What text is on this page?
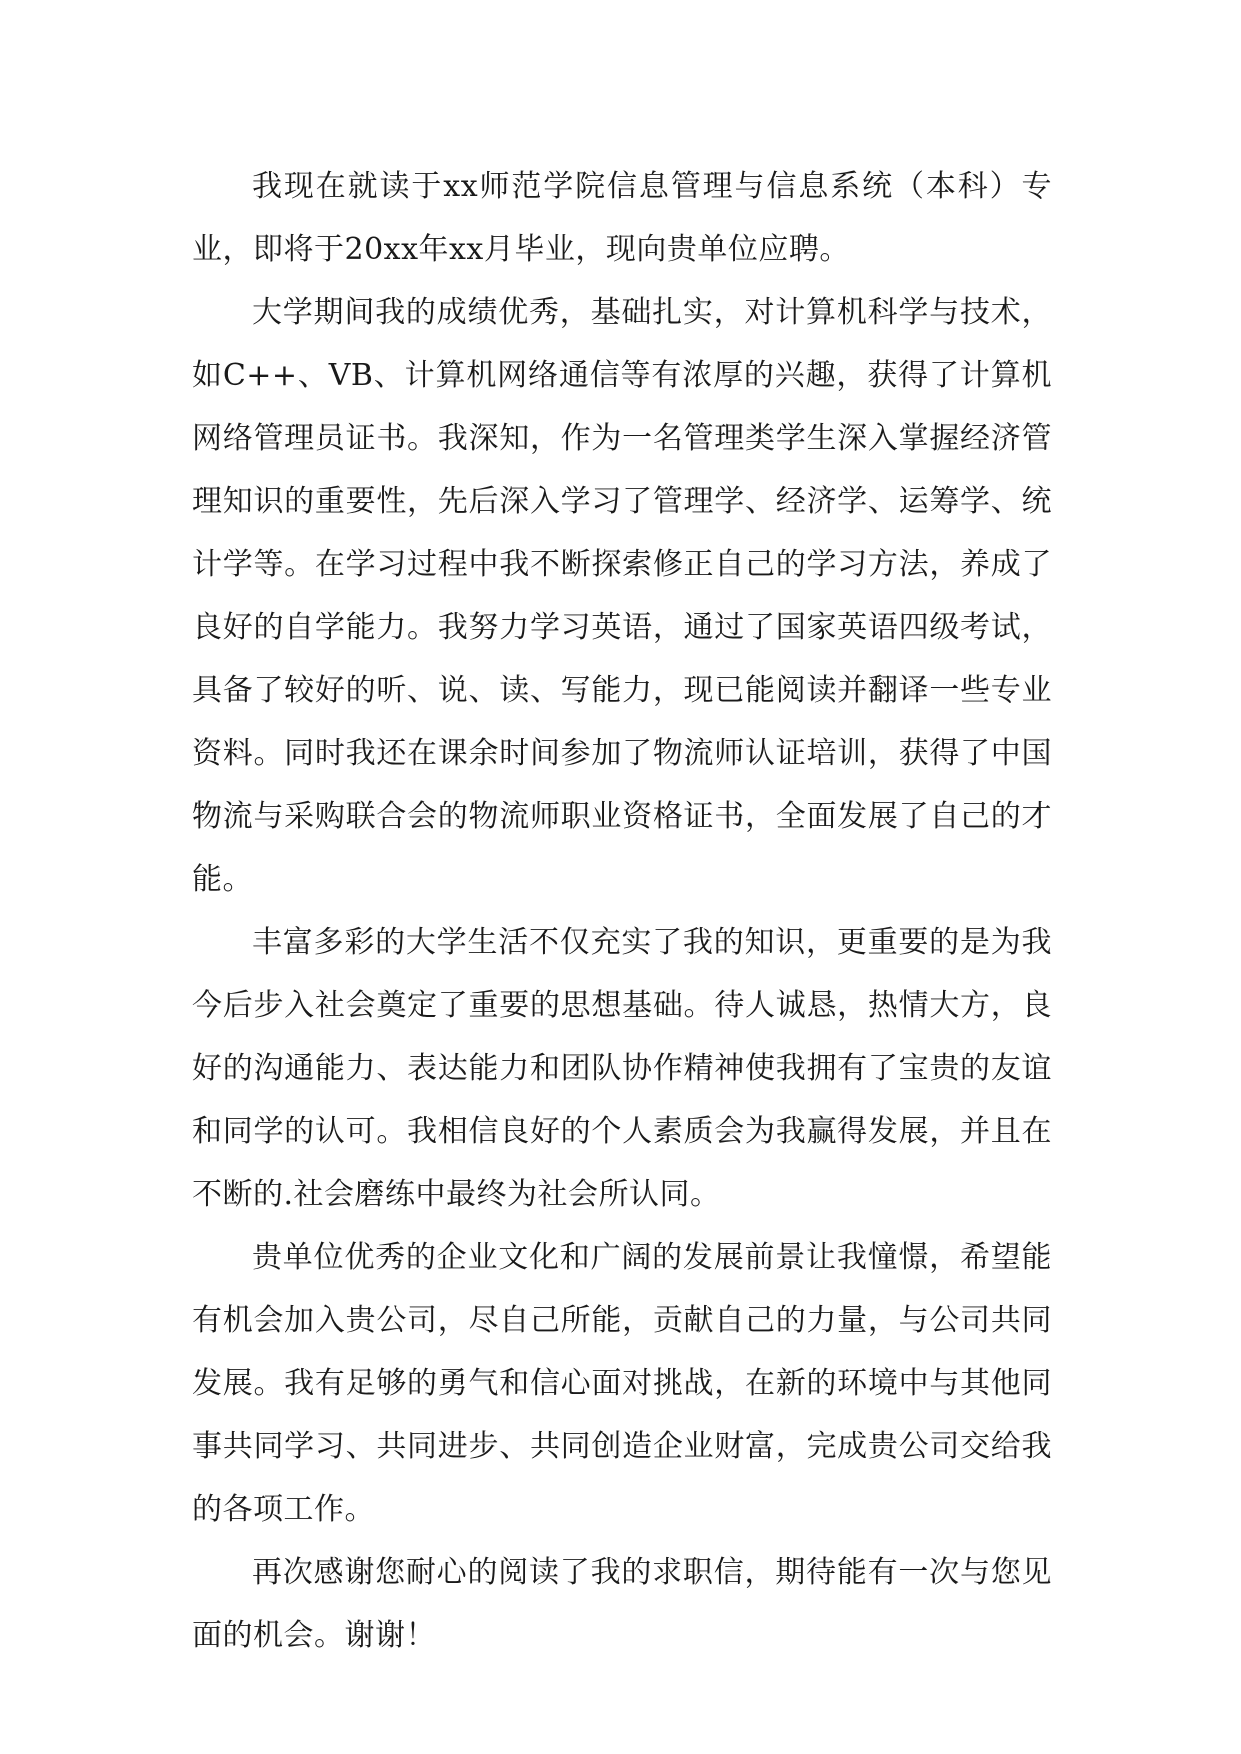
我现在就读于xx师范学院信息管理与信息系统（本科）专业，即将于20xx年xx月毕业，现向贵单位应聘。

大学期间我的成绩优秀，基础扎实，对计算机科学与技术，如C++、VB、计算机网络通信等有浓厚的兴趣，获得了计算机网络管理员证书。我深知，作为一名管理类学生深入掌握经济管理知识的重要性，先后深入学习了管理学、经济学、运筹学、统计学等。在学习过程中我不断探索修正自己的学习方法，养成了良好的自学能力。我努力学习英语，通过了国家英语四级考试，具备了较好的听、说、读、写能力，现已能阅读并翻译一些专业资料。同时我还在课余时间参加了物流师认证培训，获得了中国物流与采购联合会的物流师职业资格证书，全面发展了自己的才能。

丰富多彩的大学生活不仅充实了我的知识，更重要的是为我今后步入社会奠定了重要的思想基础。待人诚恳，热情大方，良好的沟通能力、表达能力和团队协作精神使我拥有了宝贵的友谊和同学的认可。我相信良好的个人素质会为我赢得发展，并且在不断的.社会磨练中最终为社会所认同。

贵单位优秀的企业文化和广阔的发展前景让我憧憬，希望能有机会加入贵公司，尽自己所能，贡献自己的力量，与公司共同发展。我有足够的勇气和信心面对挑战，在新的环境中与其他同事共同学习、共同进步、共同创造企业财富，完成贵公司交给我的各项工作。

再次感谢您耐心的阅读了我的求职信，期待能有一次与您见面的机会。谢谢！
